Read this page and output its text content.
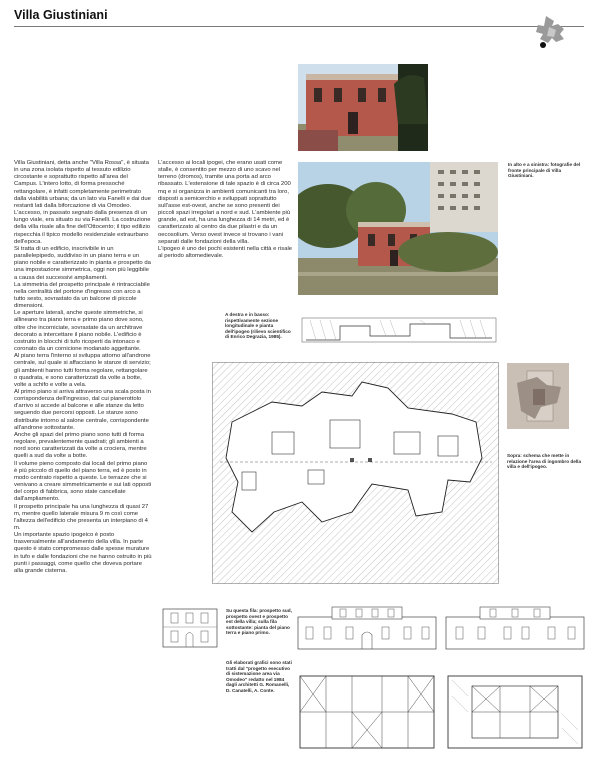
Villa Giustiniani

In alto e a sinistra: fotografie del fronte principale di Villa Giustiniani.

A destra e in basso: rispettivamente sezione longitudinale e pianta dell'ipogeo (rilievo scientifico di Enrico Degrazia, 1985).

Sopra: schema che mette in relazione l'area di ingombro della villa e dell'ipogeo.

Su questa fila: prospetto sud, prospetto ovest e prospetto est della villa; sulla fila sottostante: pianta del piano terra e piano primo.

Gli elaborati grafici sono stati tratti dal "progetto esecutivo di sistemazione area via Omodeo" redatto nel 1984 dagli architetti G. Romanelli, D. Canatelli, A. Conte.

Villa Giustiniani, detta anche "Villa Rossa", è situata in una zona isolata rispetto al tessuto edilizio circostante e soprattutto rispetto all'area del Campus. L'intero lotto, di forma pressoché rettangolare, è infatti completamente perimetrato dalla viabilità urbana; da un lato via Fanelli e dai due restanti lati dalla biforcazione di via Omodeo. L'accesso, in passato segnato dalla presenza di un lungo viale, era situato su via Fanelli. La costruzione della villa risale alla fine dell'Ottocento; il tipo edilizio rispecchia il tipico modello residenziale extraurbano dell'epoca.

Si tratta di un edificio, inscrivibile in un parallelepipedo, suddiviso in un piano terra e un piano nobile e caratterizzato in pianta e prospetto da una impostazione simmetrica, oggi non più leggibile a causa dei successivi ampliamenti.

La simmetria del prospetto principale è rintracciabile nella centralità del portone d'ingresso con arco a tutto sesto, sovrastato da un balcone di piccole dimensioni.

Le aperture laterali, anche queste simmetriche, si allineano tra piano terra e primo piano dove sono, oltre che incorniciate, sovrastate da un architrave decorato a intercettare il piano nobile. L'edificio è costruito in blocchi di tufo ricoperti da intonaco e coronato da un cornicione modanato aggettante.

Al piano terra l'interno si sviluppa attorno all'androne centrale, sul quale si affacciano le stanze di servizio; gli ambienti hanno tutti forma regolare, rettangolare o quadrata, e sono caratterizzati da volte a botte, volte a schifo e volte a vela.

Al primo piano si arriva attraverso una scala posta in corrispondenza dell'ingresso, dal cui pianerottolo d'arrivo si accede al balcone e alle stanze da letto seguendo due percorsi opposti. Le stanze sono distribuite intorno al salone centrale, corrispondente all'androne sottostante.

Anche gli spazi del primo piano sono tutti di forma regolare, prevalentemente quadrati; gli ambienti a nord sono caratterizzati da volte a crociera, mentre quelli a sud da volte a botte.

Il volume pieno composto dai locali del primo piano è più piccolo di quello del piano terra, ed è posto in modo centrato rispetto a queste. Le terrazze che si venivano a creare simmetricamente e sui lati opposti del corpo di fabbrica, sono state cancellate dall'ampliamento.

Il prospetto principale ha una lunghezza di quasi 27 m, mentre quello laterale misura 9 m così come l'altezza dell'edificio che presenta un interpiano di 4 m.

Un importante spazio ipogeico è posto trasversalmente all'andamento della villa. In parte questo è stato compromesso dalle spesse murature in tufo e dalle fondazioni che ne hanno ostruito in più punti i passaggi, come quello che doveva portare alla grande cisterna.

L'accesso ai locali ipogei, che erano usati come stalle, è consentito per mezzo di uno scavo nel terreno (dromos), tramite una porta ad arco ribassato. L'estensione di tale spazio è di circa 200 mq e si organizza in ambienti comunicanti tra loro, disposti a semicerchio e sviluppati soprattutto sull'asse est-ovest, anche se sono presenti dei piccoli spazi irregolari a nord e sud. L'ambiente più grande, ad est, ha una lunghezza di 14 metri, ed è caratterizzato al centro da due pilastri e da un oecosolium. Verso ovest invece si trovano i vani separati dalle fondazioni della villa.

L'ipogeo è uno dei pochi esistenti nella città e risale al periodo altomedievale.
